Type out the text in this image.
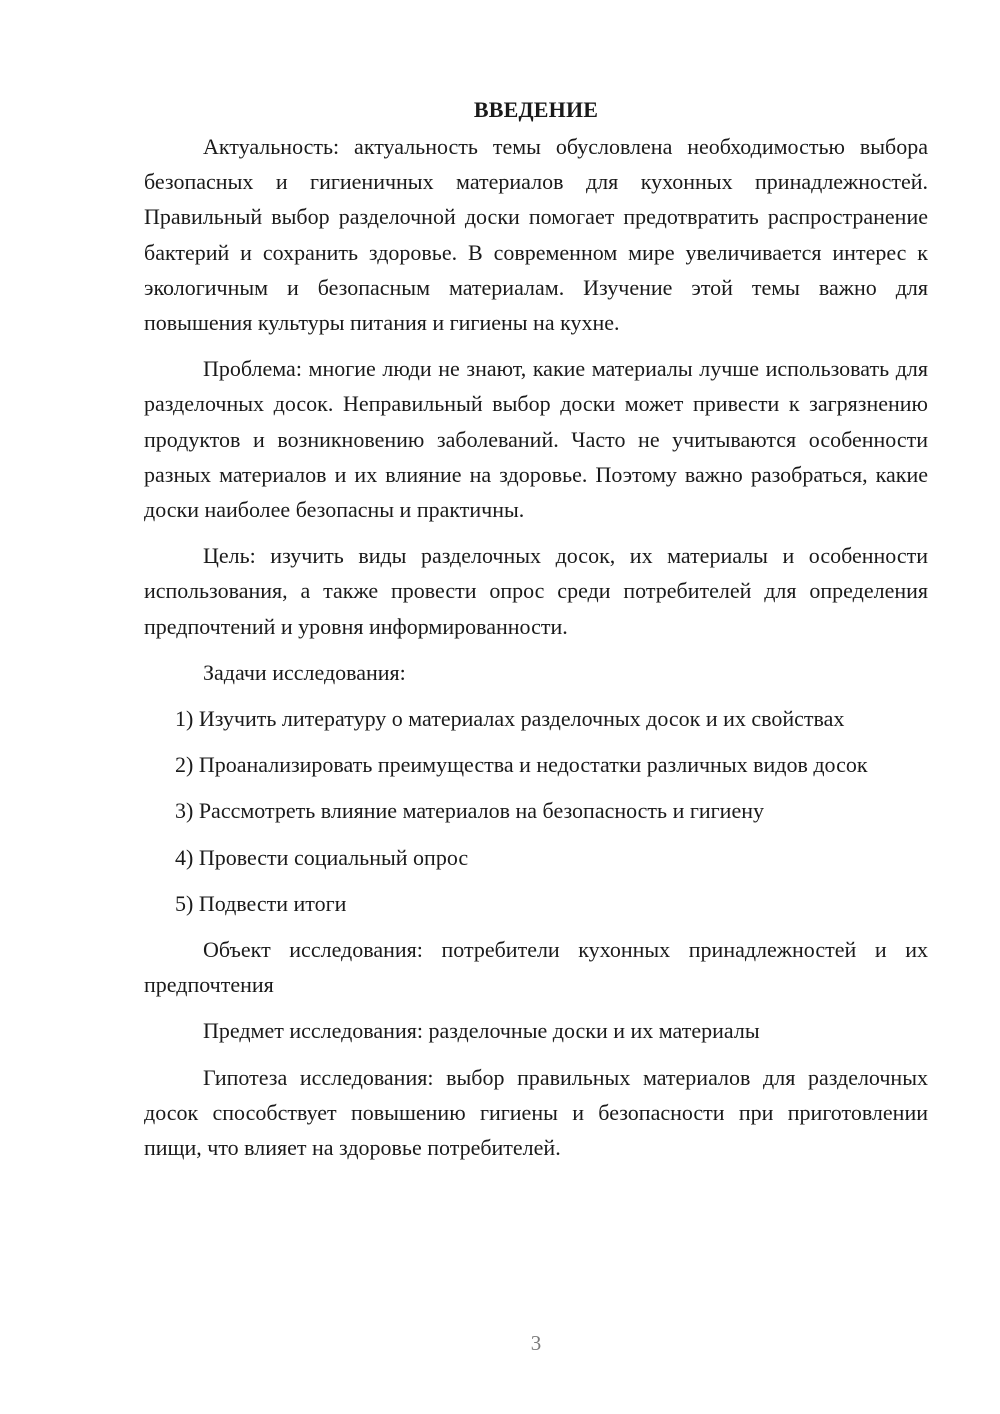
ВВЕДЕНИЕ

Актуальность: актуальность темы обусловлена необходимостью выбора безопасных и гигиеничных материалов для кухонных принадлежностей. Правильный выбор разделочной доски помогает предотвратить распространение бактерий и сохранить здоровье. В современном мире увеличивается интерес к экологичным и безопасным материалам. Изучение этой темы важно для повышения культуры питания и гигиены на кухне.

Проблема: многие люди не знают, какие материалы лучше использовать для разделочных досок. Неправильный выбор доски может привести к загрязнению продуктов и возникновению заболеваний. Часто не учитываются особенности разных материалов и их влияние на здоровье. Поэтому важно разобраться, какие доски наиболее безопасны и практичны.

Цель: изучить виды разделочных досок, их материалы и особенности использования, а также провести опрос среди потребителей для определения предпочтений и уровня информированности.

Задачи исследования:

1) Изучить литературу о материалах разделочных досок и их свойствах

2) Проанализировать преимущества и недостатки различных видов досок

3) Рассмотреть влияние материалов на безопасность и гигиену

4) Провести социальный опрос

5) Подвести итоги

Объект исследования: потребители кухонных принадлежностей и их предпочтения

Предмет исследования: разделочные доски и их материалы

Гипотеза исследования: выбор правильных материалов для разделочных досок способствует повышению гигиены и безопасности при приготовлении пищи, что влияет на здоровье потребителей.

3
